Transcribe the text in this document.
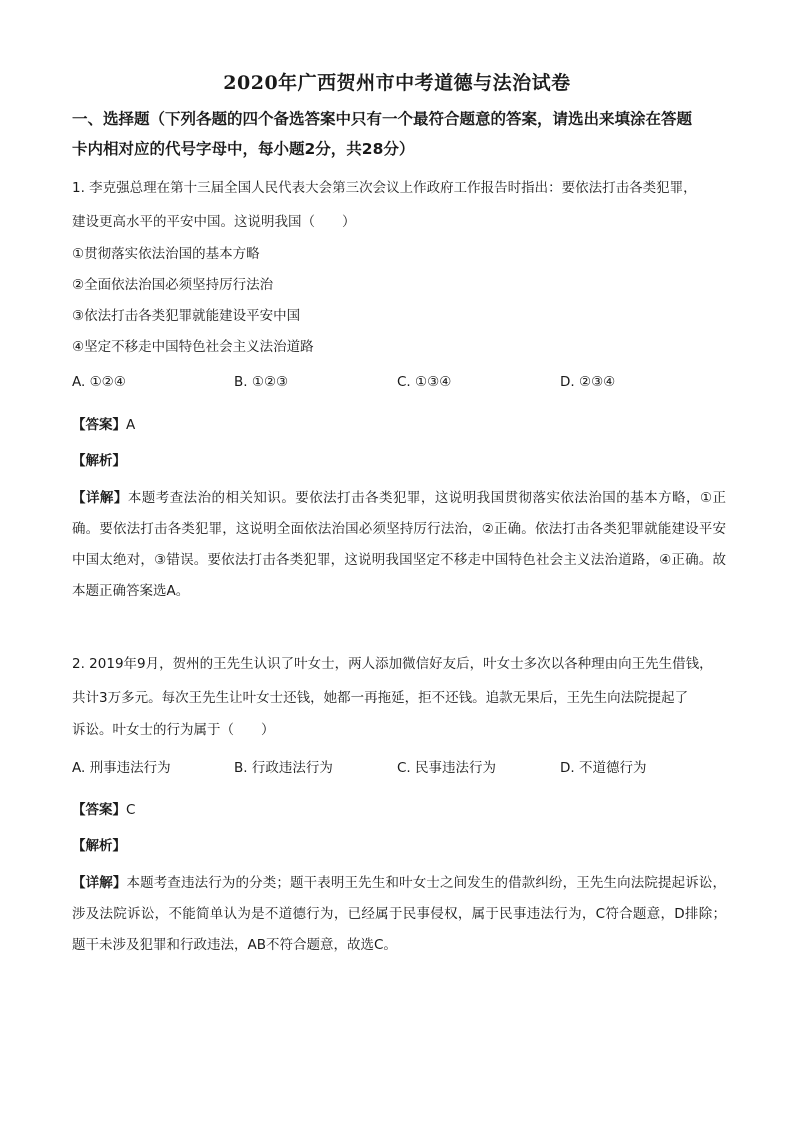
2020年广西贺州市中考道德与法治试卷
一、选择题（下列各题的四个备选答案中只有一个最符合题意的答案，请选出来填涂在答题
卡内相对应的代号字母中，每小题2分，共28分）
1. 李克强总理在第十三届全国人民代表大会第三次会议上作政府工作报告时指出：要依法打击各类犯罪，
建设更高水平的平安中国。这说明我国（　　）
①贯彻落实依法治国的基本方略
②全面依法治国必须坚持厉行法治
③依法打击各类犯罪就能建设平安中国
④坚定不移走中国特色社会主义法治道路
A. ①②④	B. ①②③	C. ①③④	D. ②③④
【答案】A
【解析】
【详解】本题考查法治的相关知识。要依法打击各类犯罪，这说明我国贯彻落实依法治国的基本方略，①正确。要依法打击各类犯罪，这说明全面依法治国必须坚持厉行法治，②正确。依法打击各类犯罪就能建设平安中国太绝对，③错误。要依法打击各类犯罪，这说明我国坚定不移走中国特色社会主义法治道路，④正确。故本题正确答案选A。
2. 2019年9月，贺州的王先生认识了叶女士，两人添加微信好友后，叶女士多次以各种理由向王先生借钱，
共计3万多元。每次王先生让叶女士还钱，她都一再拖延，拒不还钱。追款无果后，王先生向法院提起了
诉讼。叶女士的行为属于（　　）
A. 刑事违法行为	B. 行政违法行为	C. 民事违法行为	D. 不道德行为
【答案】C
【解析】
【详解】本题考查违法行为的分类；题干表明王先生和叶女士之间发生的借款纠纷，王先生向法院提起诉讼，涉及法院诉讼，不能简单认为是不道德行为，已经属于民事侵权，属于民事违法行为，C符合题意，D排除；题干未涉及犯罪和行政违法，AB不符合题意，故选C。
